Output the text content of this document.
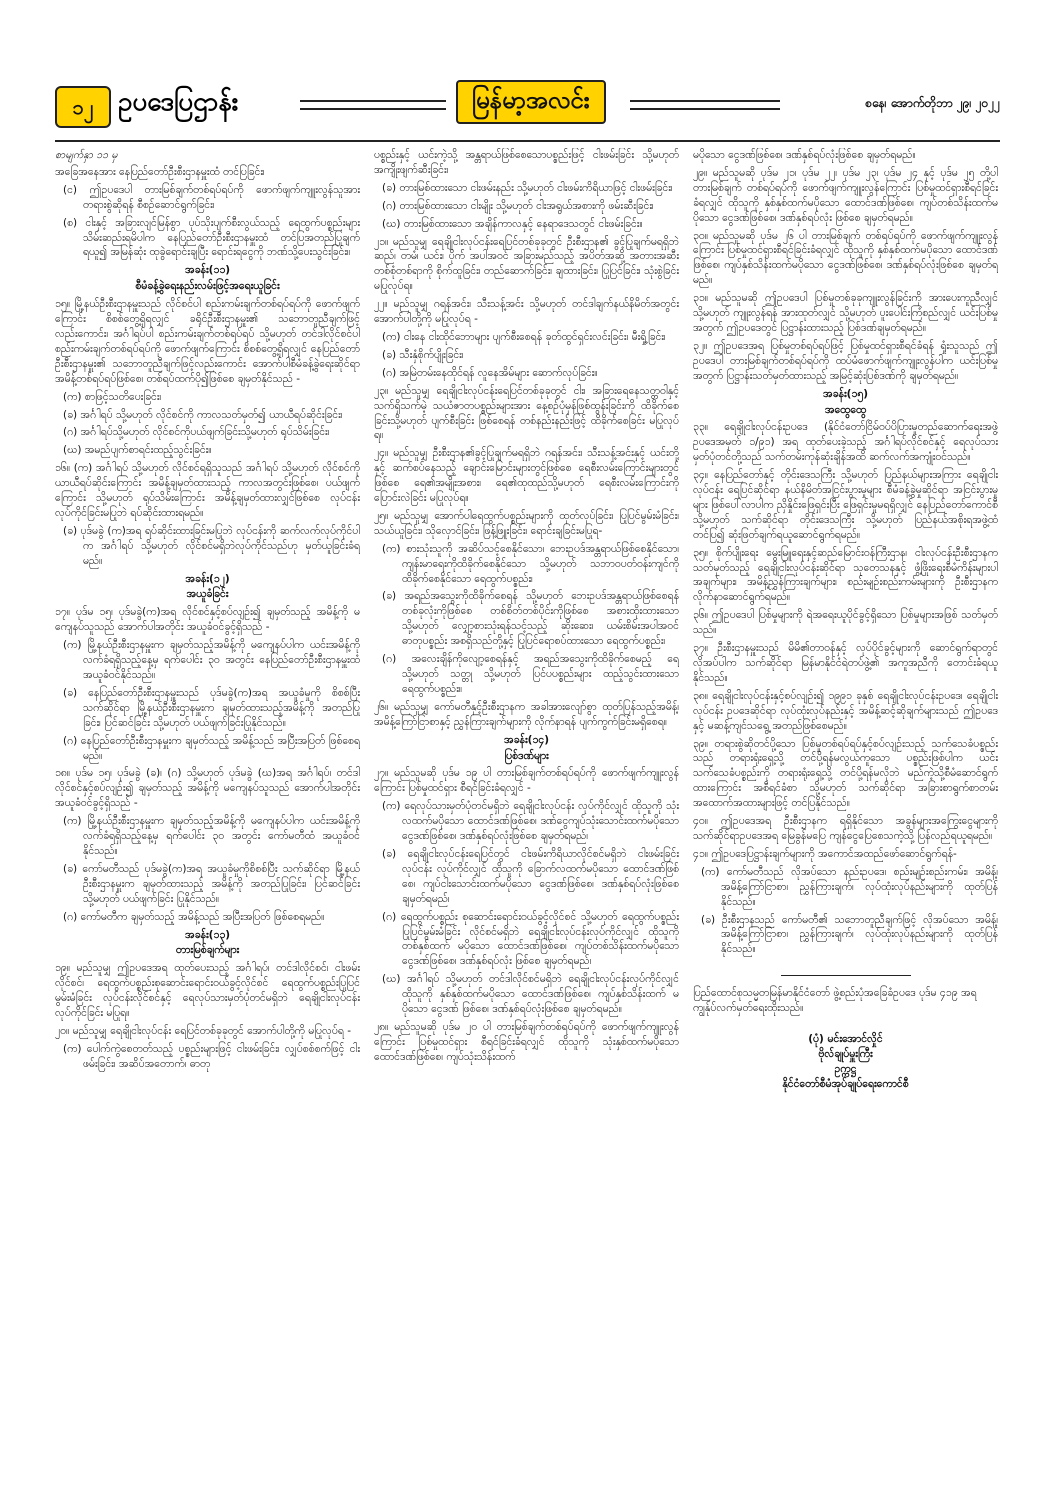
၁၂ ဥပဒေပြဌာန်း	မြန်မာ့အလင်း	စနေ၊ အောက်တိုဘာ ၂၉၊ ၂၀၂၂

စာမျက်နှာ ၁၁ မှ

အခြေအနေအား နေပြည်တော်ဦးစီးဌာနမှူးထံ တင်ပြခြင်း၊

(င) ဤဥပဒေပါ တားမြစ်ချက်တစ်ရပ်ရပ်ကို ဖောက်ဖျက်ကျူးလွန်သူအား တရားစွဲဆိုရန် စီစဉ်ဆောင်ရွက်ခြင်း၊

(စ) ငါးနှင့် အခြားလျင်မြန်စွာ ပုပ်သိုးပျက်စီးလွယ်သည့် ရေထွက်ပစ္စည်းများ သိမ်းဆည်းရမိပါက နေပြည်တော်ဦးစီးဌာနမှူးထံ တင်ပြအတည်ပြုချက်ရယူ၍ အမြန်ဆုံး ထုခွဲရောင်းချပြီး ရောင်းရငွေကို ဘဏ်သို့ပေးသွင်းခြင်း။

အခန်း(၁၁)

စီမံခန့်ခွဲရေးနည်းလမ်းဖြင့်အရေးယူခြင်း

၁၅။ မြို့နယ်ဦးစီးဌာနမှူးသည် လိုင်စင်ပါ စည်းကမ်းချက်တစ်ရပ်ရပ်ကို ဖောက်ဖျက်ကြောင်း စိစစ်တွေ့ရှိရလျှင် ခရိုင်ဦးစီးဌာနမှူး၏ သဘောတူညီချက်ဖြင့်လည်းကောင်း၊ အင်္ဂါရပ်ပါ စည်းကမ်းချက်တစ်ရပ်ရပ် သို့မဟုတ် တင်ဒါလိုင်စင်ပါ စည်းကမ်းချက်တစ်ရပ်ရပ်ကို ဖောက်ဖျက်ကြောင်း စိစစ်တွေ့ရှိရလျှင် နေပြည်တော်ဦးစီးဌာနမှူး၏ သဘောတူညီချက်ဖြင့်လည်းကောင်း အောက်ပါစီမံခန့်ခွဲရေးဆိုင်ရာ အမိန့်တစ်ရပ်ရပ်ဖြစ်စေ၊ တစ်ရပ်ထက်ပို၍ဖြစ်စေ ချမှတ်နိုင်သည် -

(က) စာဖြင့်သတိပေးခြင်း၊

(ခ) အင်္ဂါရပ် သို့မဟုတ် လိုင်စင်ကို ကာလသတ်မှတ်၍ ယာယီရပ်ဆိုင်းခြင်း၊

(ဂ) အင်္ဂါရပ်သို့မဟုတ် လိုင်စင်ကိုပယ်ဖျက်ခြင်းသို့မဟုတ် ရုပ်သိမ်းခြင်း၊

(ဃ) အမည်ပျက်စာရင်းထည့်သွင်းခြင်း။

၁၆။ (က) အင်္ဂါရပ် သို့မဟုတ် လိုင်စင်ရရှိသူသည် အင်္ဂါရပ် သို့မဟုတ် လိုင်စင်ကို ယာယီရပ်ဆိုင်းကြောင်း အမိန့်ချမှတ်ထားသည့် ကာလအတွင်းဖြစ်စေ၊ ပယ်ဖျက်ကြောင်း သို့မဟုတ် ရုပ်သိမ်းကြောင်း အမိန့်ချမှတ်ထားလျှင်ဖြစ်စေ လုပ်ငန်းလုပ်ကိုင်ခြင်းမပြုဘဲ ရပ်ဆိုင်းထားရမည်။

(ခ) ပုဒ်မခွဲ (က)အရ ရပ်ဆိုင်းထားခြင်းမပြုဘဲ လုပ်ငန်းကို ဆက်လက်လုပ်ကိုင်ပါက အင်္ဂါရပ် သို့မဟုတ် လိုင်စင်မရှိဘဲလုပ်ကိုင်သည်ဟု မှတ်ယူခြင်းခံရမည်။

အခန်း(၁၂)

အယူခံခြင်း

၁၇။ ပုဒ်မ ၁၅၊ ပုဒ်မခွဲ(က)အရ လိုင်စင်နှင့်စပ်လျဉ်း၍ ချမှတ်သည့် အမိန့်ကို မကျေနပ်သူသည် အောက်ပါအတိုင်း အယူခံဝင်ခွင့်ရှိသည် -

(က) မြို့နယ်ဦးစီးဌာနမှူးက ချမှတ်သည့်အမိန့်ကို မကျေနပ်ပါက ယင်းအမိန့်ကို လက်ခံရရှိသည့်နေ့မှ ရက်ပေါင်း ၃၀ အတွင်း နေပြည်တော်ဦးစီးဌာနမှူးထံ အယူခံဝင်နိုင်သည်။

(ခ) နေပြည်တော်ဦးစီးဌာနမှူးသည် ပုဒ်မခွဲ(က)အရ အယူခံမှုကို စိစစ်ပြီး သက်ဆိုင်ရာ မြို့နယ်ဦးစီးဌာနမှူးက ချမှတ်ထားသည့်အမိန့်ကို အတည်ပြုခြင်း၊ ပြင်ဆင်ခြင်း သို့မဟုတ် ပယ်ဖျက်ခြင်းပြုနိုင်သည်။

(ဂ) နေပြည်တော်ဦးစီးဌာနမှူးက ချမှတ်သည့် အမိန့်သည် အပြီးအပြတ် ဖြစ်စေရမည်။

၁၈။ ပုဒ်မ ၁၅၊ ပုဒ်မခွဲ (ခ)၊ (ဂ) သို့မဟုတ် ပုဒ်မခွဲ (ဃ)အရ အင်္ဂါရပ်၊ တင်ဒါလိုင်စင်နှင့်စပ်လျဉ်း၍ ချမှတ်သည့် အမိန့်ကို မကျေနပ်သူသည် အောက်ပါအတိုင်း အယူခံဝင်ခွင့်ရှိသည် -

(က) မြို့နယ်ဦးစီးဌာနမှူးက ချမှတ်သည့်အမိန့်ကို မကျေနပ်ပါက ယင်းအမိန့်ကို လက်ခံရရှိသည့်နေ့မှ ရက်ပေါင်း ၃၀ အတွင်း ကော်မတီထံ အယူခံဝင်နိုင်သည်။

(ခ) ကော်မတီသည် ပုဒ်မခွဲ(က)အရ အယူခံမှုကိုစိစစ်ပြီး သက်ဆိုင်ရာ မြို့နယ်ဦးစီးဌာနမှူးက ချမှတ်ထားသည့် အမိန့်ကို အတည်ပြုခြင်း၊ ပြင်ဆင်ခြင်း သို့မဟုတ် ပယ်ဖျက်ခြင်း ပြုနိုင်သည်။

(ဂ) ကော်မတီက ချမှတ်သည့် အမိန့်သည် အပြီးအပြတ် ဖြစ်စေရမည်။

အခန်း(၁၃)

တားမြစ်ချက်များ

၁၉။ မည်သူမျှ ဤဥပဒေအရ ထုတ်ပေးသည့် အင်္ဂါရပ်၊ တင်ဒါလိုင်စင်၊ ငါးဖမ်းလိုင်စင်၊ ရေထွက်ပစ္စည်းစုဆောင်းရောင်းဝယ်ခွင့်လိုင်စင် ရေထွက်ပစ္စည်းပြုပြင်မွမ်းမံခြင်း လုပ်ငန်းလိုင်စင်နှင့် ရေလုပ်သားမှတ်ပုံတင်မရှိဘဲ ရေချိုငါးလုပ်ငန်းလုပ်ကိုင်ခြင်း မပြုရ။

၂၀။ မည်သူမျှ ရေချိုငါးလုပ်ငန်း ရေပြင်တစ်ခုခုတွင် အောက်ပါတို့ကို မပြုလုပ်ရ -

(က) ပေါက်ကွဲစေတတ်သည့် ပစ္စည်းများဖြင့် ငါးဖမ်းခြင်း၊ လျှပ်စစ်စက်ဖြင့် ငါးဖမ်းခြင်း၊ အဆိပ်အတောက်၊ ဓာတု

ပစ္စည်းနှင့် ယင်းကဲ့သို့ အန္တရာယ်ဖြစ်စေသောပစ္စည်းဖြင့် ငါးဖမ်းခြင်း သို့မဟုတ် အကျိုးဖျက်ဆီးခြင်း၊

(ခ) တားမြစ်ထားသော ငါးဖမ်းနည်း သို့မဟုတ် ငါးဖမ်းကိရိယာဖြင့် ငါးဖမ်းခြင်း၊

(ဂ) တားမြစ်ထားသော ငါးမျိုး သို့မဟုတ် ငါးအရွယ်အစားကို ဖမ်းဆီးခြင်း၊

(ဃ) တားမြစ်ထားသော အချိန်ကာလနှင့် နေရာဒေသတွင် ငါးဖမ်းခြင်း။

၂၁။ မည်သူမျှ ရေချိုငါးလုပ်ငန်းရေပြင်တစ်ခုခုတွင် ဦးစီးဌာန၏ ခွင့်ပြုချက်မရရှိဘဲ ဆည်၊ တမံ၊ ယင်း၊ ပိုက် အပါအဝင် အခြားမည်သည့် အပိတ်အဆို့ အတားအဆီးတစ်စုံတစ်ရာကို စိုက်ထူခြင်း၊ တည်ဆောက်ခြင်း၊ ချထားခြင်း၊ ပြုပြင်ခြင်း၊ သုံးစွဲခြင်းမပြုလုပ်ရ။

၂၂။ မည်သူမျှ ဂရန်အင်း၊ သီးသန့်အင်း သို့မဟုတ် တင်ဒါချက်နယ်နိမိတ်အတွင်း အောက်ပါတို့ကို မပြုလုပ်ရ -

(က) ငါးနေ ငါးထိုင်ဘောများ ပျက်စီးစေရန် ခုတ်ထွင်ရှင်းလင်းခြင်း၊ မီးရှို့ခြင်း၊

(ခ) သီးနှံစိုက်ပျိုးခြင်း၊

(ဂ) အမြဲတမ်းနေထိုင်ရန် လူနေအိမ်များ ဆောက်လုပ်ခြင်း။

၂၃။ မည်သူမျှ ရေချိုငါးလုပ်ငန်းရေပြင်တစ်ခုခုတွင် ငါး၊ အခြားရေနေသတ္တဝါနှင့် သက်ရှိသက်မဲ့ သယံဇာတပစ္စည်းများအား နေ့စဉ်ပုံမှန်ဖြစ်ထွန်းခြင်းကို ထိခိုက်စေခြင်းသို့မဟုတ် ပျက်စီးခြင်း ဖြစ်စေရန် တစ်နည်းနည်းဖြင့် ထိခိုက်စေခြင်း မပြုလုပ်ရ။

၂၄။ မည်သူမျှ ဦးစီးဌာန၏ခွင့်ပြုချက်မရရှိဘဲ ဂရန်အင်း၊ သီးသန့်အင်းနှင့် ယင်းတို့နှင့် ဆက်စပ်နေသည့် ချောင်းမြောင်းများတွင်ဖြစ်စေ ရေစီးလမ်းကြောင်းများတွင်ဖြစ်စေ ရေ၏အမျိုးအစား၊ ရေ၏ထုထည်သို့မဟုတ် ရေစီးလမ်းကြောင်းကို ပြောင်းလဲခြင်း မပြုလုပ်ရ။

၂၅။ မည်သူမျှ အောက်ပါရေထွက်ပစ္စည်းများကို ထုတ်လုပ်ခြင်း၊ ပြုပြင်မွမ်းမံခြင်း၊ သယ်ယူခြင်း၊ သိုလှောင်ခြင်း၊ ဖြန့်ဖြူးခြင်း၊ ရောင်းချခြင်းမပြုရ-

(က) စားသုံးသူကို အဆိပ်သင့်စေနိုင်သော၊ ဘေးဥပဒ်အန္တရာယ်ဖြစ်စေနိုင်သော၊ ကျန်းမာရေးကိုထိခိုက်စေနိုင်သော သို့မဟုတ် သဘာဝပတ်ဝန်းကျင်ကို ထိခိုက်စေနိုင်သော ရေထွက်ပစ္စည်း၊

(ခ) အရည်အသွေးကိုထိခိုက်စေရန် သို့မဟုတ် ဘေးဥပဒ်အန္တရာယ်ဖြစ်စေရန် တစ်ခုလုံးကိုဖြစ်စေ တစ်စိတ်တစ်ပိုင်းကိုဖြစ်စေ အစားထိုးထားသော သို့မဟုတ် လျှော့စားသုံးရန်သင့်သည့် ဆိုးဆေး၊ ယမ်းစိမ်းအပါအဝင် ဓာတုပစ္စည်း အစရှိသည်တို့နှင့် ပြုပြင်ရောစပ်ထားသော ရေထွက်ပစ္စည်း၊

(ဂ) အလေးချိန်ကိုလျော့စေရန်နှင့် အရည်အသွေးကိုထိခိုက်စေမည့် ရေ သို့မဟုတ် သတ္တု သို့မဟုတ် ပြင်ပပစ္စည်းများ ထည့်သွင်းထားသော ရေထွက်ပစ္စည်း။

၂၆။ မည်သူမျှ ကော်မတီနှင့်ဦးစီးဌာနက အခါအားလျော်စွာ ထုတ်ပြန်သည့်အမိန့်၊ အမိန့်ကြော်ငြာစာနှင့် ညွှန်ကြားချက်များကို လိုက်နာရန် ပျက်ကွက်ခြင်းမရှိစေရ။

အခန်း(၁၄)

ပြစ်ဒဏ်များ

၂၇။ မည်သူမဆို ပုဒ်မ ၁၉ ပါ တားမြစ်ချက်တစ်ရပ်ရပ်ကို ဖောက်ဖျက်ကျူးလွန်ကြောင်း ပြစ်မှုထင်ရှား စီရင်ခြင်းခံရလျှင် -

(က) ရေလုပ်သားမှတ်ပုံတင်မရှိဘဲ ရေချိုငါးလုပ်ငန်း လုပ်ကိုင်လျှင် ထိုသူကို သုံးလထက်မပိုသော ထောင်ဒဏ်ဖြစ်စေ၊ ဒဏ်ငွေကျပ်သုံးသောင်းထက်မပိုသော ငွေဒဏ်ဖြစ်စေ၊ ဒဏ်နှစ်ရပ်လုံးဖြစ်စေ ချမှတ်ရမည်၊

(ခ) ရေချိုငါးလုပ်ငန်းရေပြင်တွင် ငါးဖမ်းကိရိယာလိုင်စင်မရှိဘဲ ငါးဖမ်းခြင်းလုပ်ငန်း လုပ်ကိုင်လျှင် ထိုသူကို ခြောက်လထက်မပိုသော ထောင်ဒဏ်ဖြစ်စေ၊ ကျပ်ငါးသောင်းထက်မပိုသော ငွေဒဏ်ဖြစ်စေ၊ ဒဏ်နှစ်ရပ်လုံးဖြစ်စေ ချမှတ်ရမည်၊

(ဂ) ရေထွက်ပစ္စည်း စုဆောင်းရောင်းဝယ်ခွင့်လိုင်စင် သို့မဟုတ် ရေထွက်ပစ္စည်းပြုပြင်မွမ်းမံခြင်း လိုင်စင်မရှိဘဲ ရေချိုငါးလုပ်ငန်းလုပ်ကိုင်လျှင် ထိုသူကို တစ်နှစ်ထက် မပိုသော ထောင်ဒဏ်ဖြစ်စေ၊ ကျပ်တစ်သိန်းထက်မပိုသော ငွေဒဏ်ဖြစ်စေ၊ ဒဏ်နှစ်ရပ်လုံး ဖြစ်စေ ချမှတ်ရမည်၊

(ဃ) အင်္ဂါရပ် သို့မဟုတ် တင်ဒါလိုင်စင်မရှိဘဲ ရေချိုငါးလုပ်ငန်းလုပ်ကိုင်လျှင် ထိုသူကို နှစ်နှစ်ထက်မပိုသော ထောင်ဒဏ်ဖြစ်စေ၊ ကျပ်နှစ်သိန်းထက် မပိုသော ငွေဒဏ် ဖြစ်စေ၊ ဒဏ်နှစ်ရပ်လုံးဖြစ်စေ ချမှတ်ရမည်။

၂၈။ မည်သူမဆို ပုဒ်မ ၂၀ ပါ တားမြစ်ချက်တစ်ရပ်ရပ်ကို ဖောက်ဖျက်ကျူးလွန်ကြောင်း ပြစ်မှုထင်ရှား စီရင်ခြင်းခံရလျှင် ထိုသူကို သုံးနှစ်ထက်မပိုသော ထောင်ဒဏ်ဖြစ်စေ၊ ကျပ်သုံးသိန်းထက်

မပိုသော ငွေဒဏ်ဖြစ်စေ၊ ဒဏ်နှစ်ရပ်လုံးဖြစ်စေ ချမှတ်ရမည်။

၂၉။ မည်သူမဆို ပုဒ်မ ၂၁၊ ပုဒ်မ ၂၂၊ ပုဒ်မ ၂၃၊ ပုဒ်မ ၂၄ နှင့် ပုဒ်မ ၂၅ တို့ပါ တားမြစ်ချက် တစ်ရပ်ရပ်ကို ဖောက်ဖျက်ကျူးလွန်ကြောင်း ပြစ်မှုထင်ရှားစီရင်ခြင်းခံရလျှင် ထိုသူကို နှစ်နှစ်ထက်မပိုသော ထောင်ဒဏ်ဖြစ်စေ၊ ကျပ်တစ်သိန်းထက်မပိုသော ငွေဒဏ်ဖြစ်စေ၊ ဒဏ်နှစ်ရပ်လုံး ဖြစ်စေ ချမှတ်ရမည်။

၃၀။ မည်သူမဆို ပုဒ်မ ၂၆ ပါ တားမြစ်ချက် တစ်ရပ်ရပ်ကို ဖောက်ဖျက်ကျူးလွန်ကြောင်း ပြစ်မှုထင်ရှားစီရင်ခြင်းခံရလျှင် ထိုသူကို နှစ်နှစ်ထက်မပိုသော ထောင်ဒဏ်ဖြစ်စေ၊ ကျပ်နှစ်သိန်းထက်မပိုသော ငွေဒဏ်ဖြစ်စေ၊ ဒဏ်နှစ်ရပ်လုံးဖြစ်စေ ချမှတ်ရမည်။

၃၁။ မည်သူမဆို ဤဥပဒေပါ ပြစ်မှုတစ်ခုခုကျူးလွန်ခြင်းကို အားပေးကူညီလျှင် သို့မဟုတ် ကျူးလွန်ရန် အားထုတ်လျှင် သို့မဟုတ် ပူးပေါင်းကြံစည်လျှင် ယင်းပြစ်မှုအတွက် ဤဥပဒေတွင် ပြဋ္ဌာန်းထားသည့် ပြစ်ဒဏ်ချမှတ်ရမည်။

၃၂။ ဤဥပဒေအရ ပြစ်မှုတစ်ရပ်ရပ်ဖြင့် ပြစ်မှုထင်ရှားစီရင်ခံရန် ရှုံးသူသည် ဤဥပဒေပါ တားမြစ်ချက်တစ်ရပ်ရပ်ကို ထပ်မံဖောက်ဖျက်ကျူးလွန်ပါက ယင်းပြစ်မှုအတွက် ပြဋ္ဌာန်းသတ်မှတ်ထားသည့် အမြင့်ဆုံးပြစ်ဒဏ်ကို ချမှတ်ရမည်။

အခန်း(၁၅)

အထွေထွေ

၃၃။ ရေချိုငါးလုပ်ငန်းဥပဒေ (နိုင်ငံတော်ငြိမ်ဝပ်ပိပြားမှုတည်ဆောက်ရေးအဖွဲ့ ဥပဒေအမှတ် ၁/၉၁) အရ ထုတ်ပေးခဲ့သည့် အင်္ဂါရပ်လိုင်စင်နှင့် ရေလုပ်သားမှတ်ပုံတင်တို့သည် သက်တမ်းကုန်ဆုံးချိန်အထိ ဆက်လက်အကျုံးဝင်သည်။

၃၄။ နေပြည်တော်နှင့် တိုင်းဒေသကြီး သို့မဟုတ် ပြည်နယ်များအကြား ရေချိုငါးလုပ်ငန်း ရေပြင်ဆိုင်ရာ နယ်နိမိတ်အငြင်းပွားမှုများ စီမံခန့်ခွဲမှုဆိုင်ရာ အငြင်းပွားမှုများ ဖြစ်ပေါ်လာပါက ညှိနှိုင်းဖြေရှင်းပြီး ဖြေရှင်းမှုမရရှိလျှင် နေပြည်တော်ကောင်စီ သို့မဟုတ် သက်ဆိုင်ရာ တိုင်းဒေသကြီး သို့မဟုတ် ပြည်နယ်အစိုးရအဖွဲ့ထံ တင်ပြ၍ ဆုံးဖြတ်ချက်ရယူဆောင်ရွက်ရမည်။

၃၅။ စိုက်ပျိုးရေး မွေးမြူရေးနှင့်ဆည်မြောင်းဝန်ကြီးဌာန၊ ငါးလုပ်ငန်းဦးစီးဌာနက သတ်မှတ်သည့် ရေချိုငါးလုပ်ငန်းဆိုင်ရာ သုတေသနနှင့် ဖွံ့ဖြိုးရေးစီမံကိန်းများပါ အချက်များ၊ အမိန့်ညွှန်ကြားချက်များ၊ စည်းမျဉ်းစည်းကမ်းများကို ဦးစီးဌာနက လိုက်နာဆောင်ရွက်ရမည်။

၃၆။ ဤဥပဒေပါ ပြစ်မှုများကို ရဲအရေးယူပိုင်ခွင့်ရှိသော ပြစ်မှုများအဖြစ် သတ်မှတ်သည်။

၃၇။ ဦးစီးဌာနမှူးသည် မိမိ၏တာဝန်နှင့် လုပ်ပိုင်ခွင့်များကို ဆောင်ရွက်ရာတွင် လိုအပ်ပါက သက်ဆိုင်ရာ မြန်မာနိုင်ငံရဲတပ်ဖွဲ့၏ အကူအညီကို တောင်းခံရယူနိုင်သည်။

၃၈။ ရေချိုငါးလုပ်ငန်းနှင့်စပ်လျဉ်း၍ ၁၉၉၁ ခုနှစ် ရေချိုငါးလုပ်ငန်းဥပဒေ၊ ရေချိုငါးလုပ်ငန်း ဥပဒေဆိုင်ရာ လုပ်ထုံးလုပ်နည်းနှင့် အမိန့်ဆင့်ဆိုချက်များသည် ဤဥပဒေနှင့် မဆန့်ကျင်သရွေ့ အတည်ဖြစ်စေမည်။

၃၉။ တရားစွဲဆိုတင်ပို့သော ပြစ်မှုတစ်ရပ်ရပ်နှင့်စပ်လျဉ်းသည့် သက်သေခံပစ္စည်းသည် တရားရုံးရှေ့သို့ တင်ပို့ရန်မလွယ်ကူသော ပစ္စည်းဖြစ်ပါက ယင်းသက်သေခံပစ္စည်းကို တရားရုံးရှေ့သို့ တင်ပို့ရန်မလိုဘဲ မည်ကဲ့သို့စီမံဆောင်ရွက်ထားကြောင်း အစီရင်ခံစာ သို့မဟုတ် သက်ဆိုင်ရာ အခြားစာရွက်စာတမ်း အထောက်အထားများဖြင့် တင်ပြနိုင်သည်။

၄၀။ ဤဥပဒေအရ ဦးစီးဌာနက ရရှိနိုင်သော အခွန်များအကြွေးငွေများကို သက်ဆိုင်ရာဥပဒေအရ မြေခွန်မပြေ ကျန်ငွေပြေစေသကဲ့သို့ ပြန်လည်ရယူရမည်။

၄၁။ ဤဥပဒေပြဋ္ဌာန်းချက်များကို အကောင်အထည်ဖော်ဆောင်ရွက်ရန်-

(က) ကော်မတီသည် လိုအပ်သော နည်းဥပဒေ၊ စည်းမျဉ်းစည်းကမ်း၊ အမိန့်၊ အမိန့်ကြော်ငြာစာ၊ ညွှန်ကြားချက်၊ လုပ်ထုံးလုပ်နည်းများကို ထုတ်ပြန်နိုင်သည်။

(ခ) ဦးစီးဌာနသည် ကော်မတီ၏ သဘောတူညီချက်ဖြင့် လိုအပ်သော အမိန့်၊ အမိန့်ကြော်ငြာစာ၊ ညွှန်ကြားချက်၊ လုပ်ထုံးလုပ်နည်းများကို ထုတ်ပြန်နိုင်သည်။

ပြည်ထောင်စုသမ္မတမြန်မာနိုင်ငံတော် ဖွဲ့စည်းပုံအခြေခံဥပဒေ ပုဒ်မ ၄၁၉ အရ ကျွန်ုပ်လက်မှတ်ရေးထိုးသည်။
(ပုံ) မင်းအောင်လှိုင်
ဗိုလ်ချုပ်မှူးကြီး
ဥက္ကဋ္ဌ
နိုင်ငံတော်စီမံအုပ်ချုပ်ရေးကောင်စီ
